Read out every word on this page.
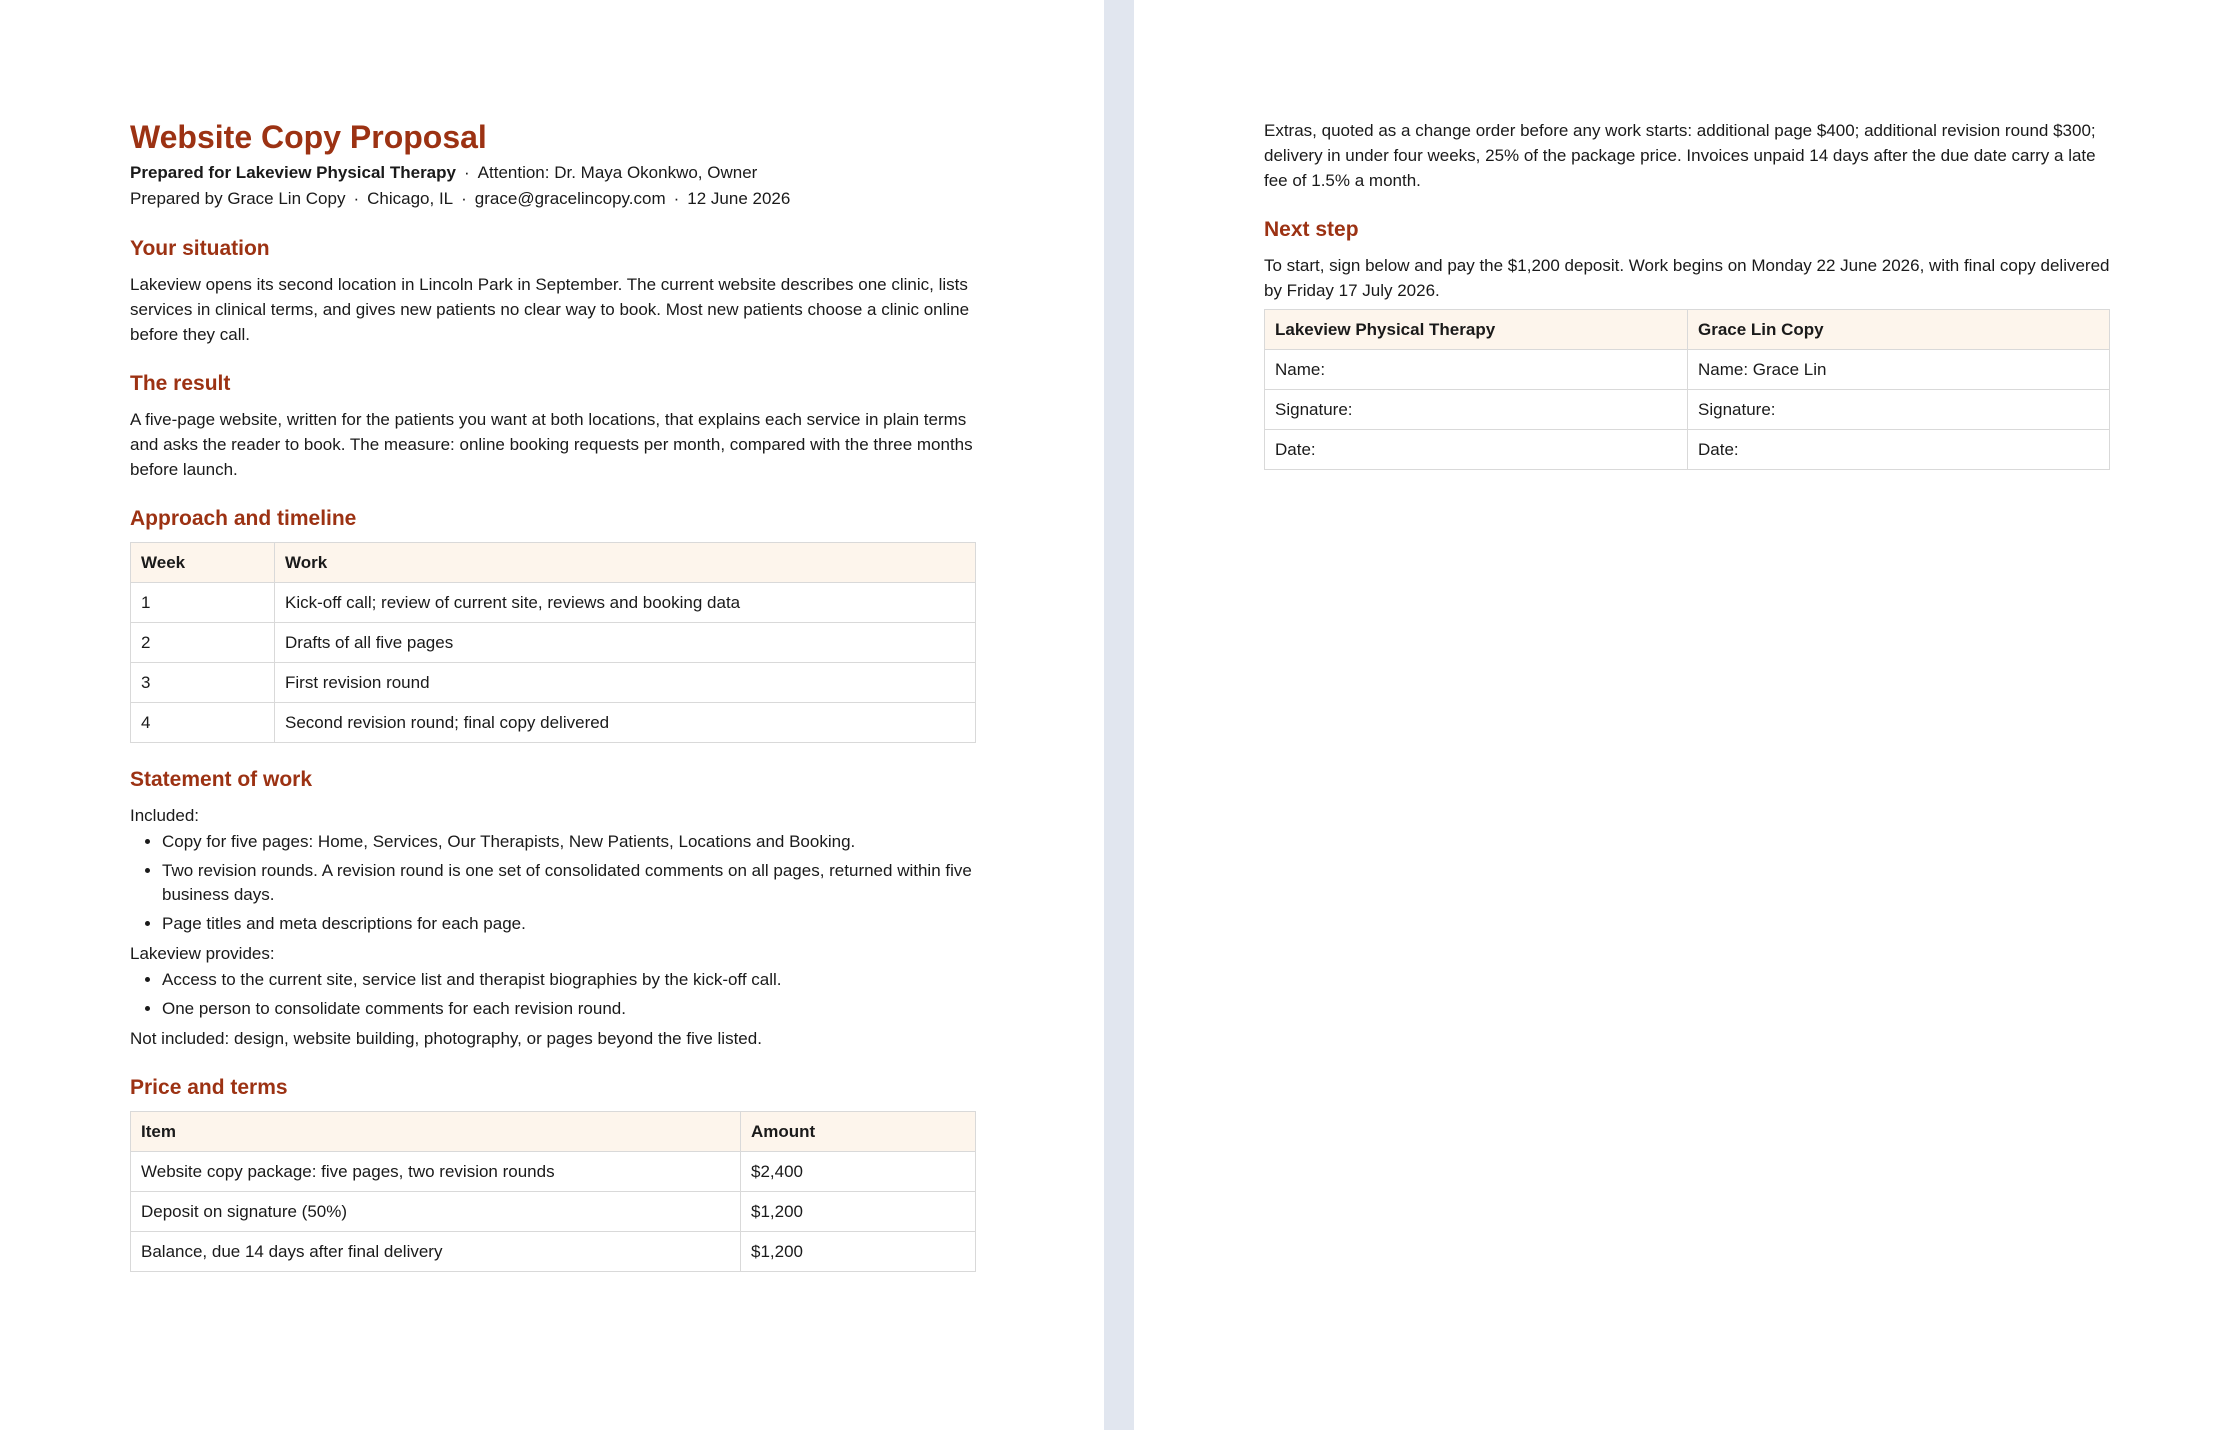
Website Copy Proposal

Prepared for Lakeview Physical Therapy · Attention: Dr. Maya Okonkwo, Owner

Prepared by Grace Lin Copy · Chicago, IL · grace@gracelincopy.com · 12 June 2026

Your situation

Lakeview opens its second location in Lincoln Park in September. The current website describes one clinic, lists services in clinical terms, and gives new patients no clear way to book. Most new patients choose a clinic online before they call.

The result

A five-page website, written for the patients you want at both locations, that explains each service in plain terms and asks the reader to book. The measure: online booking requests per month, compared with the three months before launch.

Approach and timeline
Week	Work
1	Kick-off call; review of current site, reviews and booking data
2	Drafts of all five pages
3	First revision round
4	Second revision round; final copy delivered
Statement of work

Included:

• Copy for five pages: Home, Services, Our Therapists, New Patients, Locations and Booking.
• Two revision rounds. A revision round is one set of consolidated comments on all pages, returned within five business days.
• Page titles and meta descriptions for each page.

Lakeview provides:

• Access to the current site, service list and therapist biographies by the kick-off call.
• One person to consolidate comments for each revision round.

Not included: design, website building, photography, or pages beyond the five listed.

Price and terms
Item	Amount
Website copy package: five pages, two revision rounds	$2,400
Deposit on signature (50%)	$1,200
Balance, due 14 days after final delivery	$1,200

Extras, quoted as a change order before any work starts: additional page $400; additional revision round $300; delivery in under four weeks, 25% of the package price. Invoices unpaid 14 days after the due date carry a late fee of 1.5% a month.

Next step

To start, sign below and pay the $1,200 deposit. Work begins on Monday 22 June 2026, with final copy delivered by Friday 17 July 2026.

Lakeview Physical Therapy	Grace Lin Copy
Name:	Name: Grace Lin
Signature:	Signature:
Date:	Date:
